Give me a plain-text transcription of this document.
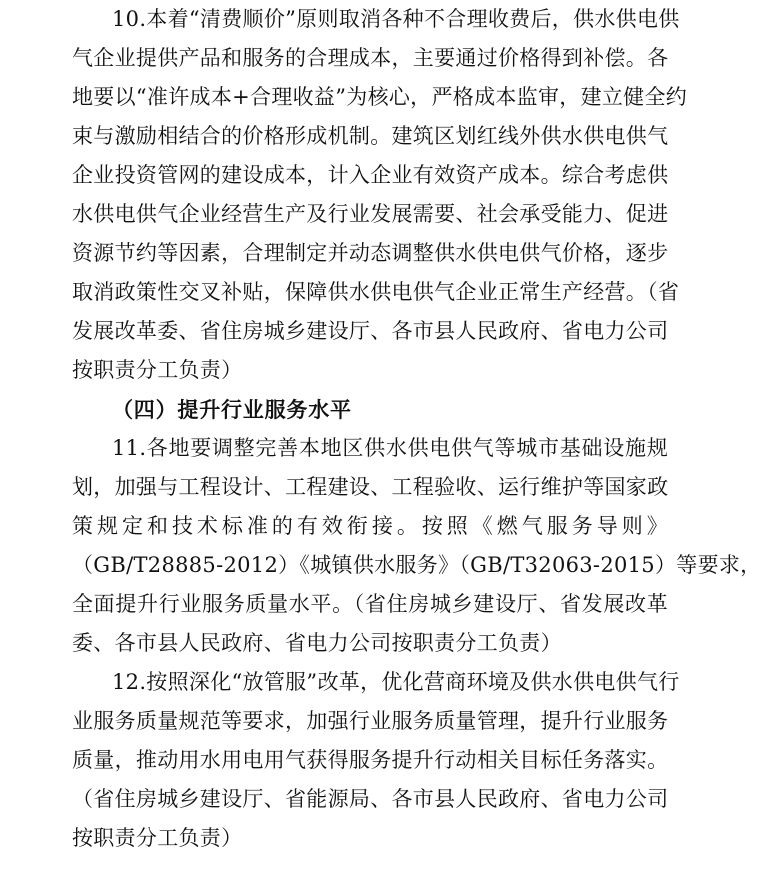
10.本着“清费顺价”原则取消各种不合理收费后，供水供电供
气企业提供产品和服务的合理成本，主要通过价格得到补偿。各
地要以“准许成本+合理收益”为核心，严格成本监审，建立健全约
束与激励相结合的价格形成机制。建筑区划红线外供水供电供气
企业投资管网的建设成本，计入企业有效资产成本。综合考虑供
水供电供气企业经营生产及行业发展需要、社会承受能力、促进
资源节约等因素，合理制定并动态调整供水供电供气价格，逐步
取消政策性交叉补贴，保障供水供电供气企业正常生产经营。（省
发展改革委、省住房城乡建设厅、各市县人民政府、省电力公司
按职责分工负责）
（四）提升行业服务水平
11.各地要调整完善本地区供水供电供气等城市基础设施规
划，加强与工程设计、工程建设、工程验收、运行维护等国家政
策规定和技术标准的有效衔接。按照《燃气服务导则》
（GB/T28885-2012）《城镇供水服务》（GB/T32063-2015）等要求，
全面提升行业服务质量水平。（省住房城乡建设厅、省发展改革
委、各市县人民政府、省电力公司按职责分工负责）
12.按照深化“放管服”改革，优化营商环境及供水供电供气行
业服务质量规范等要求，加强行业服务质量管理，提升行业服务
质量，推动用水用电用气获得服务提升行动相关目标任务落实。
（省住房城乡建设厅、省能源局、各市县人民政府、省电力公司
按职责分工负责）
